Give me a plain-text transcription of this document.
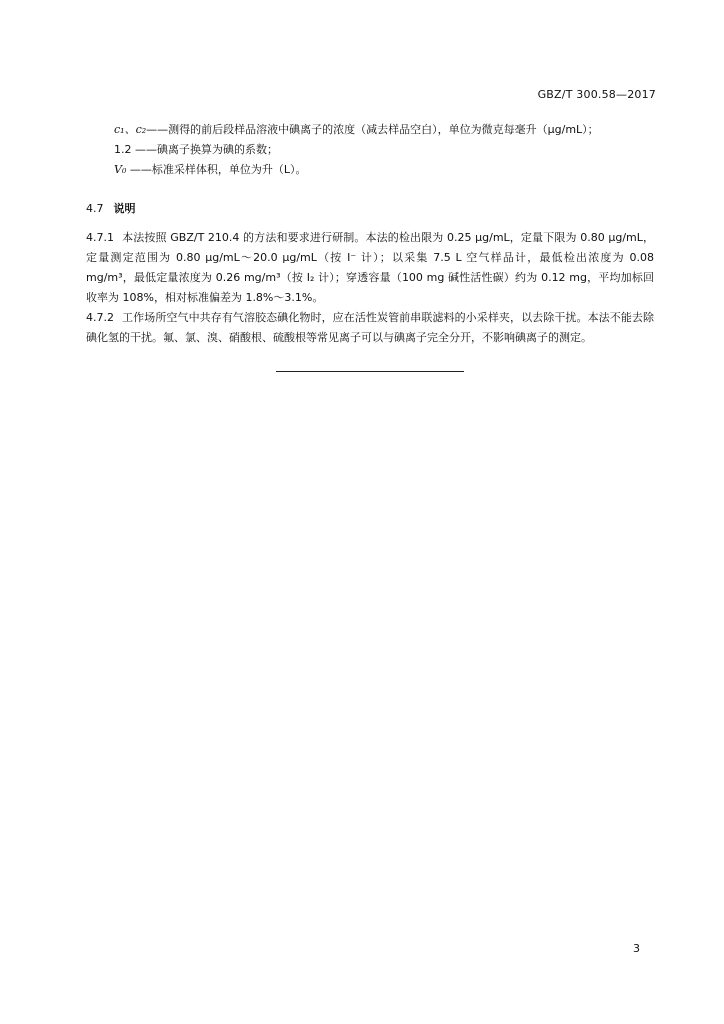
GBZ/T 300.58—2017

c₁、c₂——测得的前后段样品溶液中碘离子的浓度（减去样品空白），单位为微克每毫升（μg/mL）；

1.2 ——碘离子换算为碘的系数；

V₀ ——标准采样体积，单位为升（L）。

4.7 说明

4.7.1 本法按照 GBZ/T 210.4 的方法和要求进行研制。本法的检出限为 0.25 μg/mL，定量下限为 0.80 μg/mL，定量测定范围为 0.80 μg/mL～20.0 μg/mL（按 I⁻ 计）；以采集 7.5 L 空气样品计，最低检出浓度为 0.08 mg/m³，最低定量浓度为 0.26 mg/m³（按 I₂ 计）；穿透容量（100 mg 碱性活性碳）约为 0.12 mg，平均加标回收率为 108%，相对标准偏差为 1.8%～3.1%。

4.7.2 工作场所空气中共存有气溶胶态碘化物时，应在活性炭管前串联滤料的小采样夹，以去除干扰。本法不能去除碘化氢的干扰。氟、氯、溴、硝酸根、硫酸根等常见离子可以与碘离子完全分开，不影响碘离子的测定。

3
